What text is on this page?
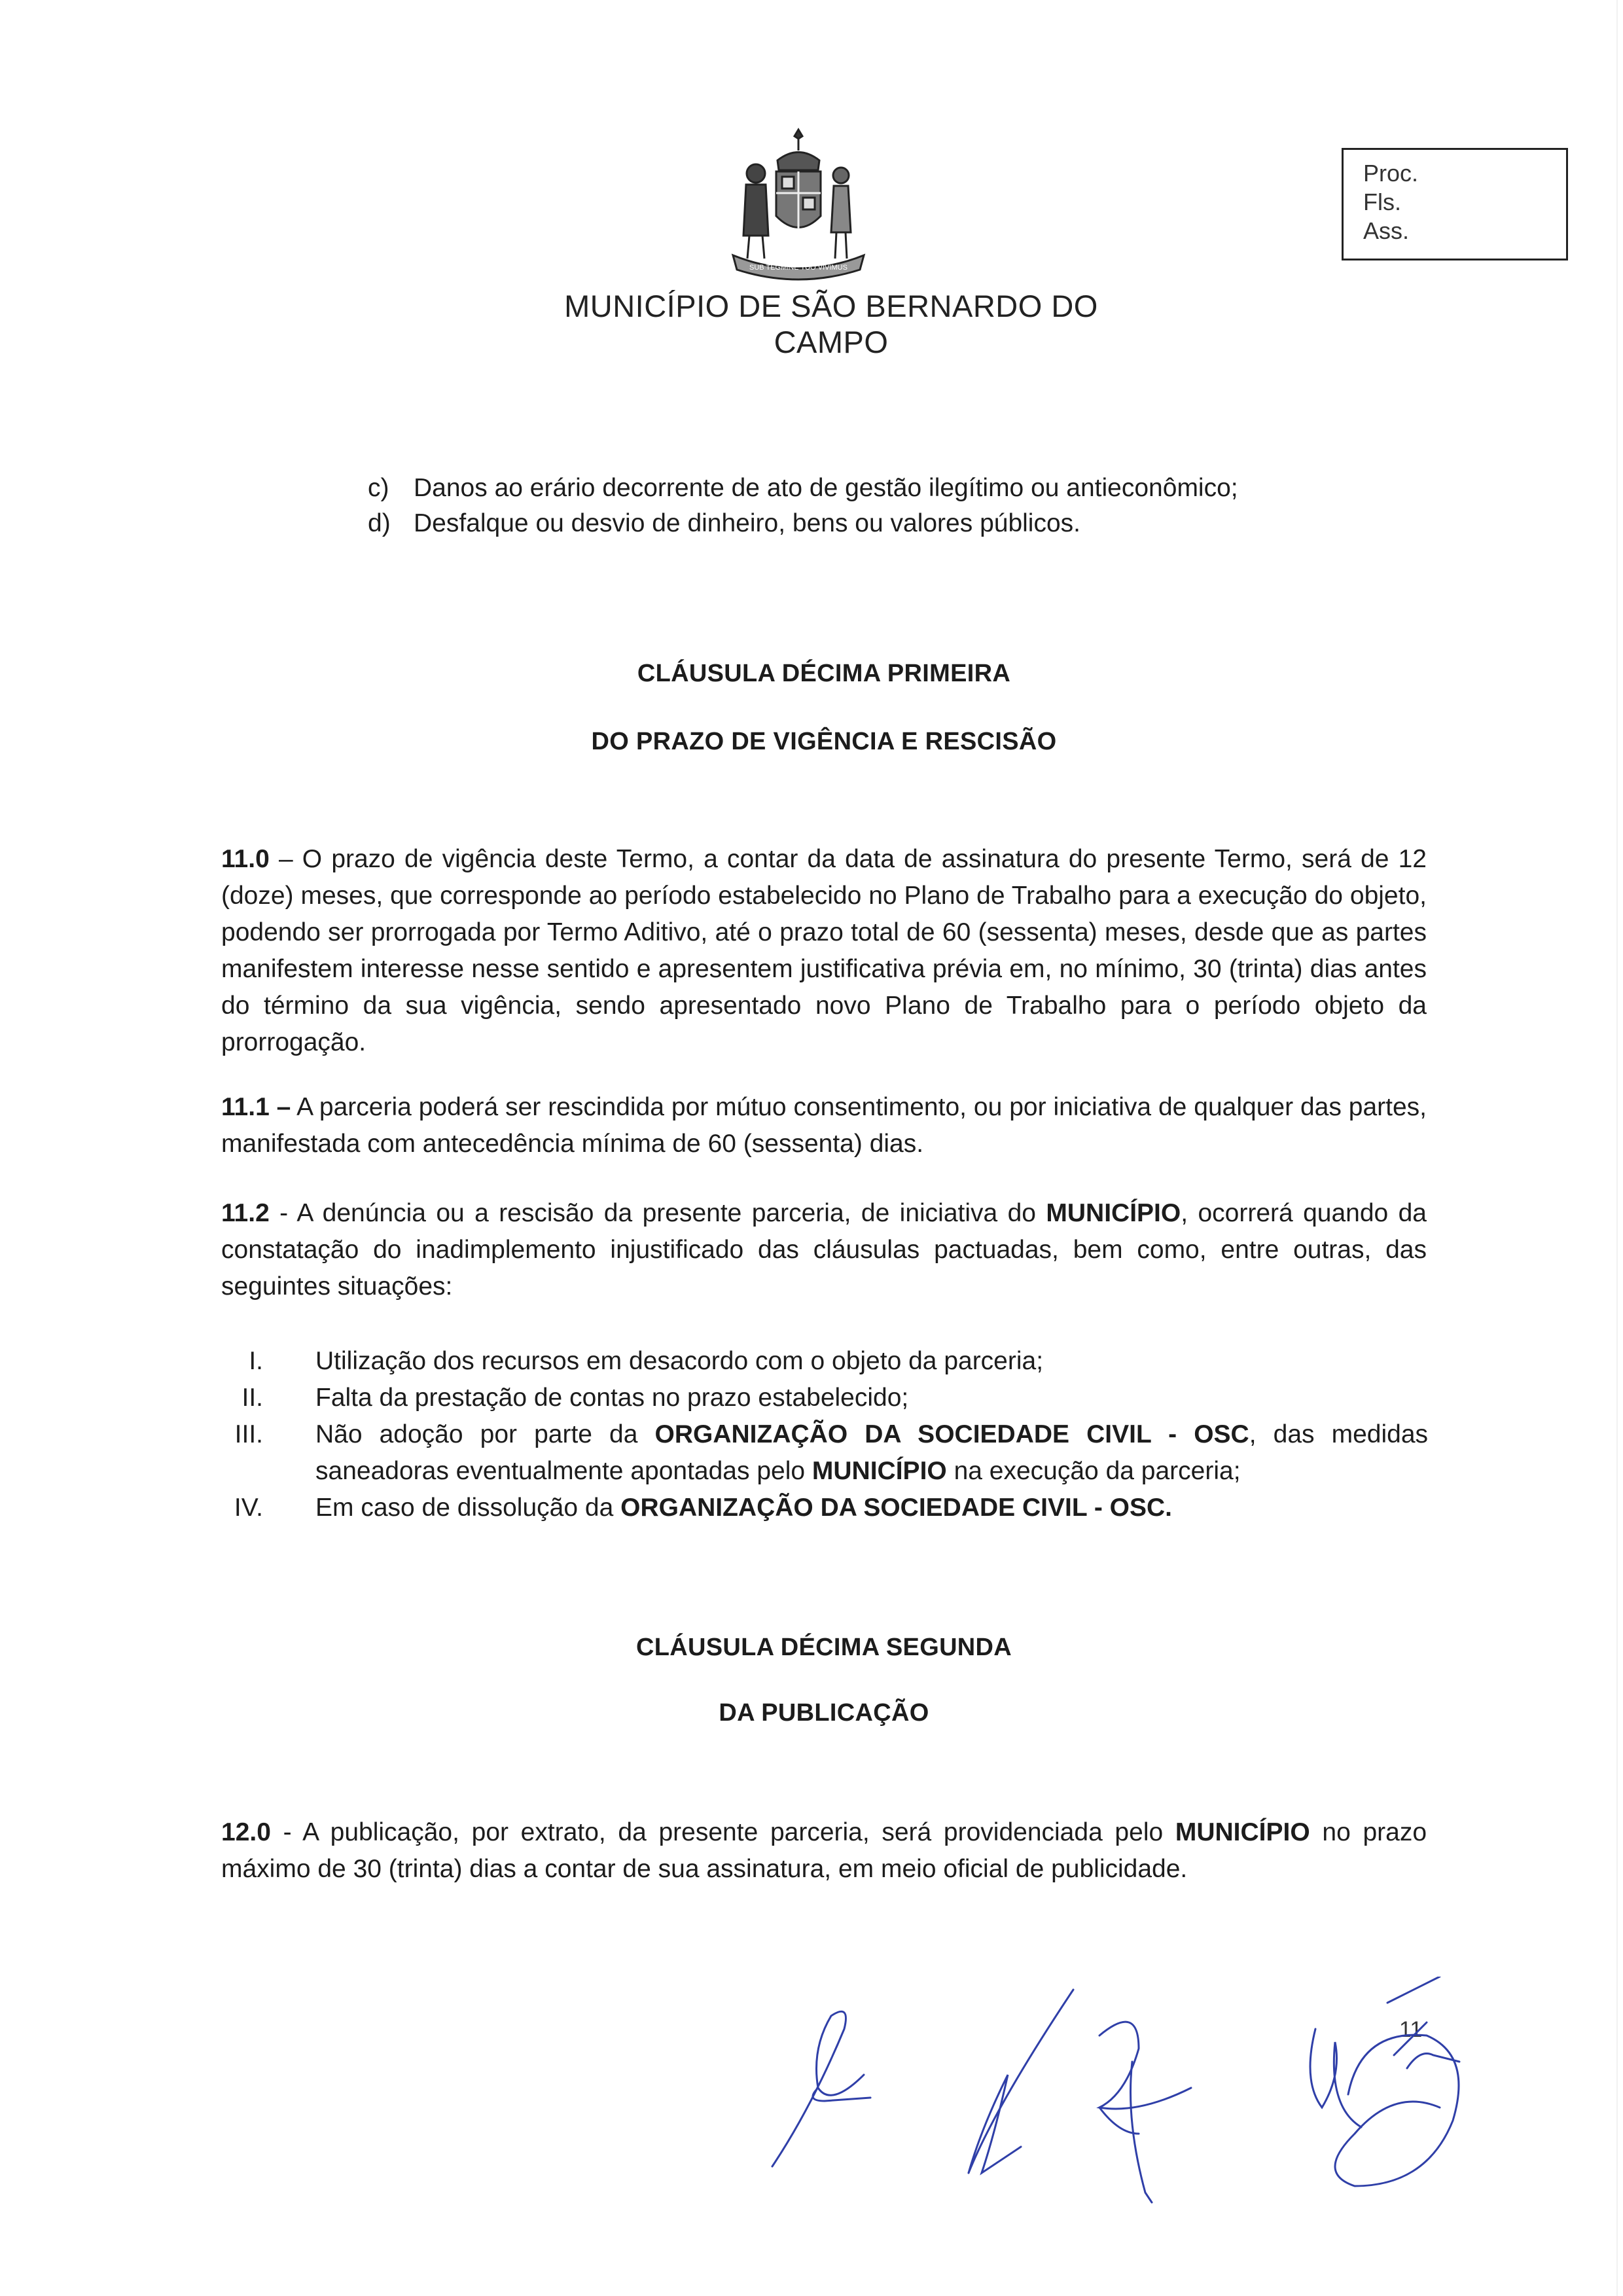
SUB TEGMINE TUO VIVIMUS
MUNICÍPIO DE SÃO BERNARDO DO CAMPO
Proc.
Fls.
Ass.
c) Danos ao erário decorrente de ato de gestão ilegítimo ou antieconômico;

d) Desfalque ou desvio de dinheiro, bens ou valores públicos.

CLÁUSULA DÉCIMA PRIMEIRA
DO PRAZO DE VIGÊNCIA E RESCISÃO

11.0 – O prazo de vigência deste Termo, a contar da data de assinatura do presente Termo, será de 12 (doze) meses, que corresponde ao período estabelecido no Plano de Trabalho para a execução do objeto, podendo ser prorrogada por Termo Aditivo, até o prazo total de 60 (sessenta) meses, desde que as partes manifestem interesse nesse sentido e apresentem justificativa prévia em, no mínimo, 30 (trinta) dias antes do término da sua vigência, sendo apresentado novo Plano de Trabalho para o período objeto da prorrogação.

11.1 – A parceria poderá ser rescindida por mútuo consentimento, ou por iniciativa de qualquer das partes, manifestada com antecedência mínima de 60 (sessenta) dias.

11.2 - A denúncia ou a rescisão da presente parceria, de iniciativa do MUNICÍPIO, ocorrerá quando da constatação do inadimplemento injustificado das cláusulas pactuadas, bem como, entre outras, das seguintes situações:

I. Utilização dos recursos em desacordo com o objeto da parceria;

II. Falta da prestação de contas no prazo estabelecido;

III. Não adoção por parte da ORGANIZAÇÃO DA SOCIEDADE CIVIL - OSC, das medidas saneadoras eventualmente apontadas pelo MUNICÍPIO na execução da parceria;

IV. Em caso de dissolução da ORGANIZAÇÃO DA SOCIEDADE CIVIL - OSC.

CLÁUSULA DÉCIMA SEGUNDA
DA PUBLICAÇÃO

12.0 - A publicação, por extrato, da presente parceria, será providenciada pelo MUNICÍPIO no prazo máximo de 30 (trinta) dias a contar de sua assinatura, em meio oficial de publicidade.

11
